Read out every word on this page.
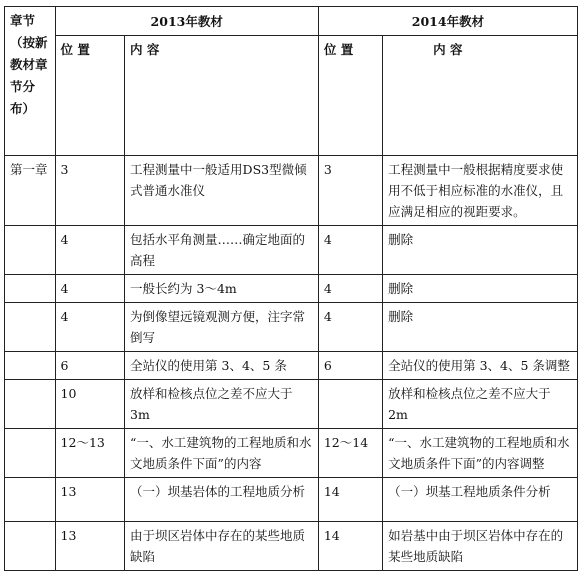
章节（按新教材章节分布）	2013年教材		2014年教材	
	位 置	内 容	位 置	内 容
第一章	3	工程测量中一般适用DS3型微倾式普通水准仪	3	工程测量中一般根据精度要求使用不低于相应标准的水准仪，且应满足相应的视距要求。
	4	包括水平角测量……确定地面的高程	4	删除
	4	一般长约为 3～4m	4	删除
	4	为倒像望远镜观测方便，注字常倒写	4	删除
	6	全站仪的使用第 3、4、5 条	6	全站仪的使用第 3、4、5 条调整
	10	放样和检核点位之差不应大于 3m		放样和检核点位之差不应大于 2m
	12～13	“一、水工建筑物的工程地质和水文地质条件下面”的内容	12～14	“一、水工建筑物的工程地质和水文地质条件下面”的内容调整
	13	（一）坝基岩体的工程地质分析	14	（一）坝基工程地质条件分析
	13	由于坝区岩体中存在的某些地质缺陷	14	如岩基中由于坝区岩体中存在的某些地质缺陷
